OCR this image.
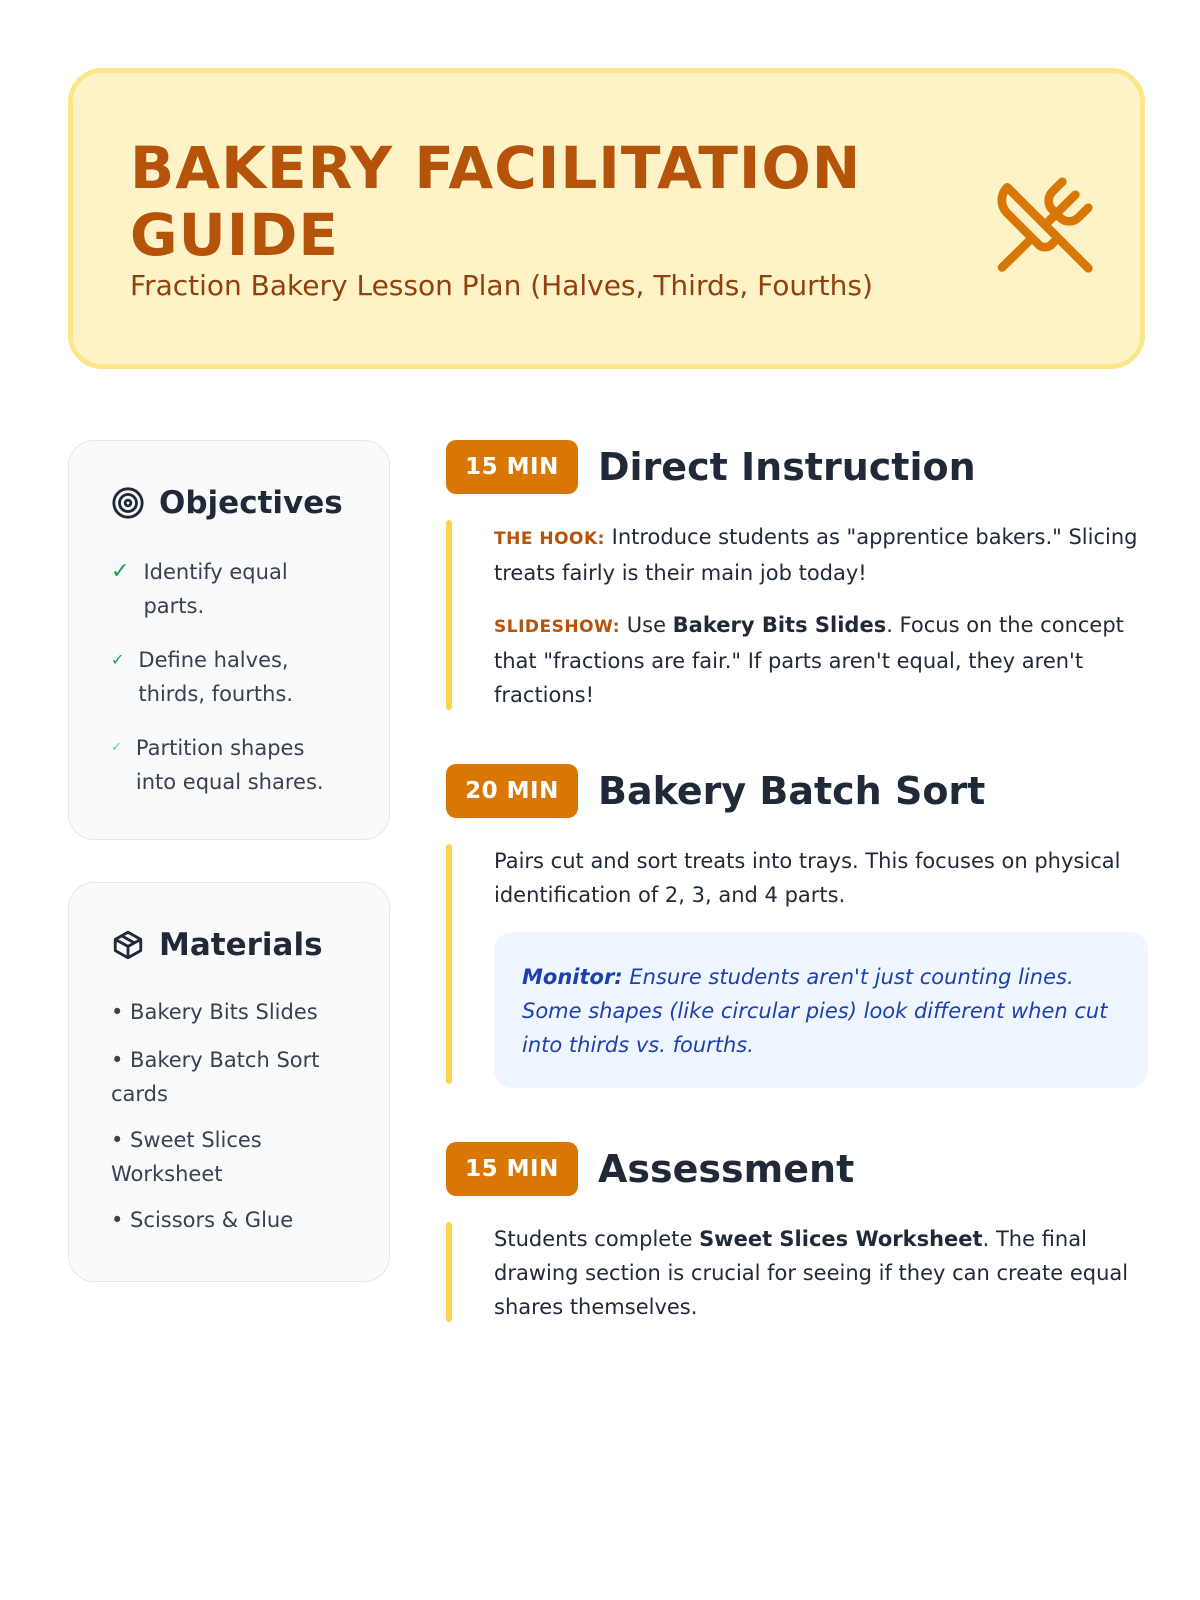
BAKERY FACILITATION GUIDE
Fraction Bakery Lesson Plan (Halves, Thirds, Fourths)
Objectives
✓ Identify equal parts.
✓ Define halves, thirds, fourths.
✓ Partition shapes into equal shares.
Materials
• Bakery Bits Slides
• Bakery Batch Sort cards
• Sweet Slices Worksheet
• Scissors & Glue
15 MIN	Direct Instruction
THE HOOK: Introduce students as "apprentice bakers." Slicing treats fairly is their main job today!
SLIDESHOW: Use Bakery Bits Slides. Focus on the concept that "fractions are fair." If parts aren't equal, they aren't fractions!
20 MIN	Bakery Batch Sort
Pairs cut and sort treats into trays. This focuses on physical identification of 2, 3, and 4 parts.
Monitor: Ensure students aren't just counting lines. Some shapes (like circular pies) look different when cut into thirds vs. fourths.
15 MIN	Assessment
Students complete Sweet Slices Worksheet. The final drawing section is crucial for seeing if they can create equal shares themselves.
